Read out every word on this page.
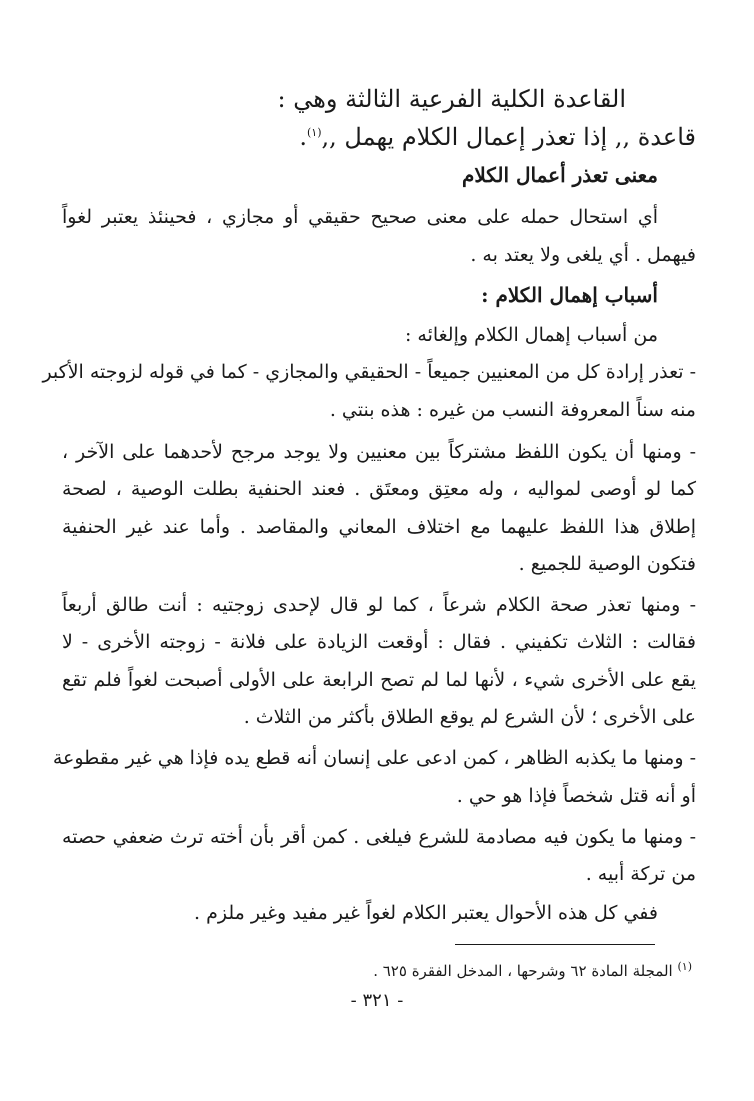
القاعدة الكلية الفرعية الثالثة وهي :
قاعدة ,, إذا تعذر إعمال الكلام يهمل ,,$^{(١)}$.
معنى تعذر أعمال الكلام
أي استحال حمله على معنى صحيح حقيقي أو مجازي ، فحينئذ يعتبر لغواً
فيهمل . أي يلغى ولا يعتد به .
أسباب إهمال الكلام :
من أسباب إهمال الكلام وإلغائه :
- تعذر إرادة كل من المعنيين جميعاً - الحقيقي والمجازي - كما في قوله لزوجته الأكبر
منه سناً المعروفة النسب من غيره : هذه بنتي .
- ومنها أن يكون اللفظ مشتركاً بين معنيين ولا يوجد مرجح لأحدهما على الآخر ،
كما لو أوصى لمواليه ، وله معتِق ومعتَق . فعند الحنفية بطلت الوصية ، لصحة
إطلاق هذا اللفظ عليهما مع اختلاف المعاني والمقاصد . وأما عند غير الحنفية
فتكون الوصية للجميع .
- ومنها تعذر صحة الكلام شرعاً ، كما لو قال لإحدى زوجتيه : أنت طالق أربعاً
فقالت : الثلاث تكفيني . فقال : أوقعت الزيادة على فلانة - زوجته الأخرى - لا
يقع على الأخرى شيء ، لأنها لما لم تصح الرابعة على الأولى أصبحت لغواً فلم تقع
على الأخرى ؛ لأن الشرع لم يوقع الطلاق بأكثر من الثلاث .
- ومنها ما يكذبه الظاهر ، كمن ادعى على إنسان أنه قطع يده فإذا هي غير مقطوعة
أو أنه قتل شخصاً فإذا هو حي .
- ومنها ما يكون فيه مصادمة للشرع فيلغى . كمن أقر بأن أخته ترث ضعفي حصته
من تركة أبيه .
ففي كل هذه الأحوال يعتبر الكلام لغواً غير مفيد وغير ملزم .
$^{(١)}$ المجلة المادة ٦٢ وشرحها ، المدخل الفقرة ٦٢٥ .
- ٣٢١ -
